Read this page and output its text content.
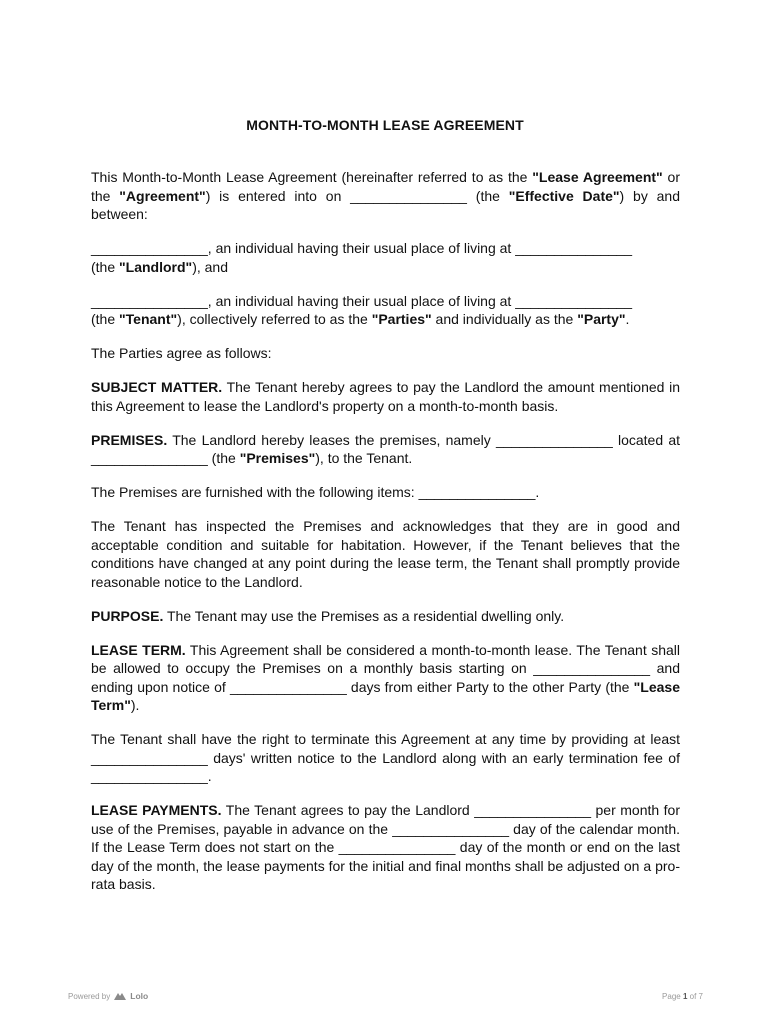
MONTH-TO-MONTH LEASE AGREEMENT

This Month-to-Month Lease Agreement (hereinafter referred to as the "Lease Agreement" or the "Agreement") is entered into on _______________ (the "Effective Date") by and between:

_______________, an individual having their usual place of living at _______________
(the "Landlord"), and

_______________, an individual having their usual place of living at _______________
(the "Tenant"), collectively referred to as the "Parties" and individually as the "Party".

The Parties agree as follows:

SUBJECT MATTER. The Tenant hereby agrees to pay the Landlord the amount mentioned in this Agreement to lease the Landlord's property on a month-to-month basis.

PREMISES. The Landlord hereby leases the premises, namely _______________ located at _______________ (the "Premises"), to the Tenant.

The Premises are furnished with the following items: _______________.

The Tenant has inspected the Premises and acknowledges that they are in good and acceptable condition and suitable for habitation. However, if the Tenant believes that the conditions have changed at any point during the lease term, the Tenant shall promptly provide reasonable notice to the Landlord.

PURPOSE. The Tenant may use the Premises as a residential dwelling only.

LEASE TERM. This Agreement shall be considered a month-to-month lease. The Tenant shall be allowed to occupy the Premises on a monthly basis starting on _______________ and ending upon notice of _______________ days from either Party to the other Party (the "Lease Term").

The Tenant shall have the right to terminate this Agreement at any time by providing at least _______________ days' written notice to the Landlord along with an early termination fee of _______________.

LEASE PAYMENTS. The Tenant agrees to pay the Landlord _______________ per month for use of the Premises, payable in advance on the _______________ day of the calendar month. If the Lease Term does not start on the _______________ day of the month or end on the last day of the month, the lease payments for the initial and final months shall be adjusted on a pro-rata basis.

Powered by Lolo	Page 1 of 7
